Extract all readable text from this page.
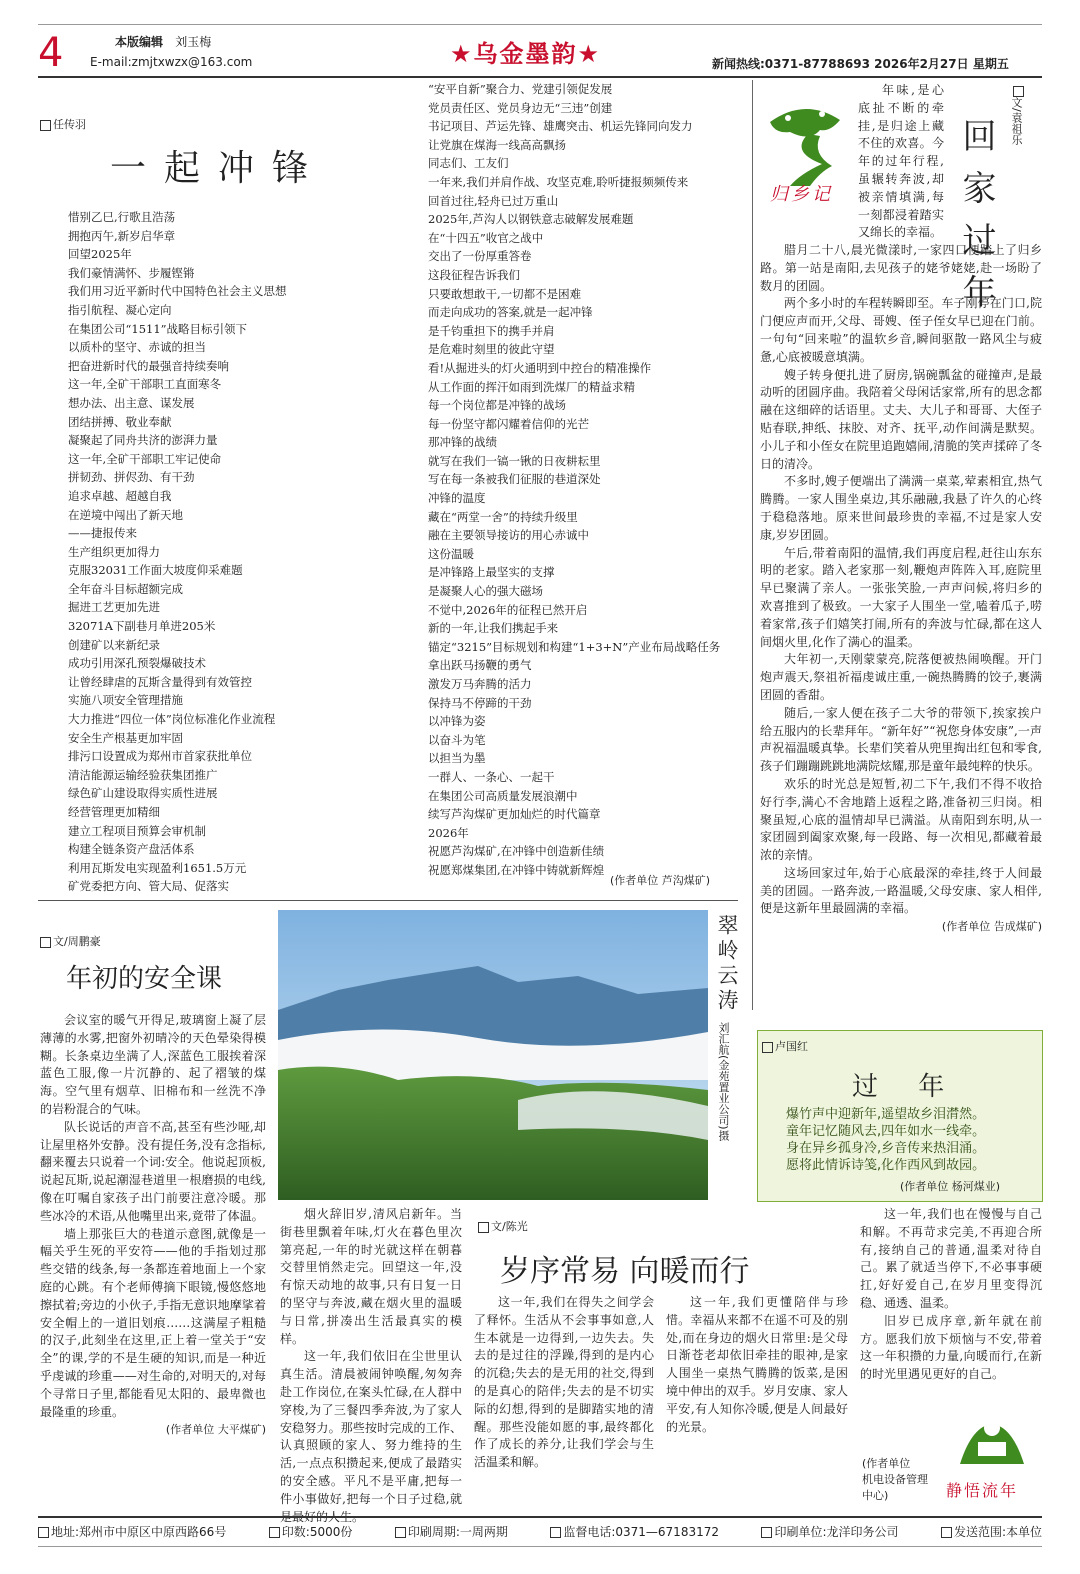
4	本版编辑 刘玉梅
E-mail:zmjtxwzx@163.com	★乌金墨韵★	新闻热线:0371-87788693 2026年2月27日 星期五
任传羽
一起冲锋
惜别乙巳,行歌且浩荡
拥抱丙午,新岁启华章
回望2025年
我们豪情满怀、步履铿锵
我们用习近平新时代中国特色社会主义思想
指引航程、凝心定向
在集团公司“1511”战略目标引领下
以质朴的坚守、赤诚的担当
把奋进新时代的最强音持续奏响
这一年,全矿干部职工直面寒冬
想办法、出主意、谋发展
团结拼搏、敬业奉献
凝聚起了同舟共济的澎湃力量
这一年,全矿干部职工牢记使命
拼韧劲、拼侭劲、有干劲
追求卓越、超越自我
在逆境中闯出了新天地
——捷报传来
生产组织更加得力
克服32031工作面大坡度仰采难题
全年奋斗目标超额完成
掘进工艺更加先进
32071A下副巷月单进205米
创建矿以来新纪录
成功引用深孔预裂爆破技术
让曾经肆虐的瓦斯含量得到有效管控
实施八项安全管理措施
大力推进“四位一体”岗位标准化作业流程
安全生产根基更加牢固
排污口设置成为郑州市首家获批单位
清洁能源运输经验获集团推广
绿色矿山建设取得实质性进展
经营管理更加精细
建立工程项目预算会审机制
构建全链条资产盘活体系
利用瓦斯发电实现盈利1651.5万元
矿党委把方向、管大局、促落实
“安平自新”聚合力、党建引领促发展
党员责任区、党员身边无“三违”创建
书记项目、芦运先锋、雄鹰突击、机运先锋同向发力
让党旗在煤海一线高高飘扬
同志们、工友们
一年来,我们并肩作战、攻坚克难,聆听捷报频频传来
回首过往,轻舟已过万重山
2025年,芦沟人以钢铁意志破解发展难题
在“十四五”收官之战中
交出了一份厚重答卷
这段征程告诉我们
只要敢想敢干,一切都不是困难
而走向成功的答案,就是一起冲锋
是千钧重担下的携手并肩
是危难时刻里的彼此守望
看!从掘进头的灯火通明到中控台的精准操作
从工作面的挥汗如雨到洗煤厂的精益求精
每一个岗位都是冲锋的战场
每一份坚守都闪耀着信仰的光芒
那冲锋的战绩
就写在我们一镐一锹的日夜耕耘里
写在每一条被我们征服的巷道深处
冲锋的温度
藏在“两堂一舍”的持续升级里
融在主要领导接访的用心赤诚中
这份温暖
是冲锋路上最坚实的支撑
是凝聚人心的强大磁场
不觉中,2026年的征程已然开启
新的一年,让我们携起手来
锚定“3215”目标规划和构建“1+3+N”产业布局战略任务
拿出跃马扬鞭的勇气
激发万马奔腾的活力
保持马不停蹄的干劲
以冲锋为姿
以奋斗为笔
以担当为墨
一群人、一条心、一起干
在集团公司高质量发展浪潮中
续写芦沟煤矿更加灿烂的时代篇章
2026年
祝愿芦沟煤矿,在冲锋中创造新佳绩
祝愿郑煤集团,在冲锋中铸就新辉煌
(作者单位 芦沟煤矿)
归乡记
文/袁祖乐
回家过年

年味,是心底扯不断的牵挂,是归途上藏不住的欢喜。今年的过年行程,虽辗转奔波,却被亲情填满,每一刻都浸着踏实又绵长的幸福。

腊月二十八,晨光微漾时,一家四口便踏上了归乡路。第一站是南阳,去见孩子的姥爷姥姥,赴一场盼了数月的团圆。

两个多小时的车程转瞬即至。车子刚停在门口,院门便应声而开,父母、哥嫂、侄子侄女早已迎在门前。一句句“回来啦”的温软乡音,瞬间驱散一路风尘与疲惫,心底被暖意填满。

嫂子转身便扎进了厨房,锅碗瓢盆的碰撞声,是最动听的团圆序曲。我陪着父母闲话家常,所有的思念都融在这细碎的话语里。丈夫、大儿子和哥哥、大侄子贴春联,抻纸、抹胶、对齐、抚平,动作间满是默契。小儿子和小侄女在院里追跑嬉闹,清脆的笑声揉碎了冬日的清冷。

不多时,嫂子便端出了满满一桌菜,荤素相宜,热气腾腾。一家人围坐桌边,其乐融融,我悬了许久的心终于稳稳落地。原来世间最珍贵的幸福,不过是家人安康,岁岁团圆。

午后,带着南阳的温情,我们再度启程,赶往山东东明的老家。踏入老家那一刻,鞭炮声阵阵入耳,庭院里早已聚满了亲人。一张张笑脸,一声声问候,将归乡的欢喜推到了极致。一大家子人围坐一堂,嗑着瓜子,唠着家常,孩子们嬉笑打闹,所有的奔波与忙碌,都在这人间烟火里,化作了满心的温柔。

大年初一,天刚蒙蒙亮,院落便被热闹唤醒。开门炮声震天,祭祖祈福虔诚庄重,一碗热腾腾的饺子,裹满团圆的香甜。

随后,一家人便在孩子二大爷的带领下,挨家挨户给五服内的长辈拜年。“新年好”“祝您身体安康”,一声声祝福温暖真挚。长辈们笑着从兜里掏出红包和零食,孩子们蹦蹦跳跳地满院炫耀,那是童年最纯粹的快乐。

欢乐的时光总是短暂,初二下午,我们不得不收拾好行李,满心不舍地踏上返程之路,准备初三归岗。相聚虽短,心底的温情却早已满溢。从南阳到东明,从一家团圆到阖家欢聚,每一段路、每一次相见,都藏着最浓的亲情。

这场回家过年,始于心底最深的牵挂,终于人间最美的团圆。一路奔波,一路温暖,父母安康、家人相伴,便是这新年里最圆满的幸福。

(作者单位 告成煤矿)
文/周鹏豪
年初的安全课

会议室的暖气开得足,玻璃窗上凝了层薄薄的水雾,把窗外初晴冷的天色晕染得模糊。长条桌边坐满了人,深蓝色工服挨着深蓝色工服,像一片沉静的、起了褶皱的煤海。空气里有烟草、旧棉布和一丝洗不净的岩粉混合的气味。

队长说话的声音不高,甚至有些沙哑,却让屋里格外安静。没有提任务,没有念指标,翻来覆去只说着一个词:安全。他说起顶板,说起瓦斯,说起潮湿巷道里一根磨损的电线,像在叮嘱自家孩子出门前要注意冷暖。那些冰冷的术语,从他嘴里出来,竟带了体温。

墙上那张巨大的巷道示意图,就像是一幅关乎生死的平安符——他的手指划过那些交错的线条,每一条都连着地面上一个家庭的心跳。有个老师傅摘下眼镜,慢悠悠地擦拭着;旁边的小伙子,手指无意识地摩挲着安全帽上的一道旧划痕……这满屋子粗糙的汉子,此刻坐在这里,正上着一堂关于“安全”的课,学的不是生硬的知识,而是一种近乎虔诚的珍重——对生命的,对明天的,对每个寻常日子里,都能看见太阳的、最卑微也最隆重的珍重。

(作者单位 大平煤矿)
翠岭云涛
刘汇航(金苑置业公司)摄	卢国红
过 年
爆竹声中迎新年,遥望故乡泪潸然。
童年记忆随风去,四年如水一线牵。
身在异乡孤身冷,乡音传来热泪涌。
愿将此情诉诗笺,化作西风到故园。
(作者单位 杨河煤业)
文/陈光
岁序常易 向暖而行

烟火辞旧岁,清风启新年。当街巷里飘着年味,灯火在暮色里次第亮起,一年的时光就这样在朝暮交替里悄然走完。回望这一年,没有惊天动地的故事,只有日复一日的坚守与奔波,藏在烟火里的温暖与日常,拼凑出生活最真实的模样。

这一年,我们依旧在尘世里认真生活。清晨被闹钟唤醒,匆匆奔赴工作岗位,在案头忙碌,在人群中穿梭,为了三餐四季奔波,为了家人安稳努力。那些按时完成的工作、认真照顾的家人、努力维持的生活,一点点积攒起来,便成了最踏实的安全感。平凡不是平庸,把每一件小事做好,把每一个日子过稳,就是最好的人生。

这一年,我们在得失之间学会了释怀。生活从不会事事如意,人生本就是一边得到,一边失去。失去的是过往的浮躁,得到的是内心的沉稳;失去的是无用的社交,得到的是真心的陪伴;失去的是不切实际的幻想,得到的是脚踏实地的清醒。那些没能如愿的事,最终都化作了成长的养分,让我们学会与生活温柔和解。

这一年,我们更懂陪伴与珍惜。幸福从来都不在遥不可及的别处,而在身边的烟火日常里:是父母日渐苍老却依旧牵挂的眼神,是家人围坐一桌热气腾腾的饭菜,是困境中伸出的双手。岁月安康、家人平安,有人知你冷暖,便是人间最好的光景。

这一年,我们也在慢慢与自己和解。不再苛求完美,不再迎合所有,接纳自己的普通,温柔对待自己。累了就适当停下,不必事事硬扛,好好爱自己,在岁月里变得沉稳、通透、温柔。

旧岁已成序章,新年就在前方。愿我们放下烦恼与不安,带着这一年积攒的力量,向暖而行,在新的时光里遇见更好的自己。

(作者单位
机电设备管理中心)	静悟流年
地址:郑州市中原区中原西路66号	印数:5000份	印刷周期:一周两期	监督电话:0371—67183172	印刷单位:龙洋印务公司	发送范围:本单位
